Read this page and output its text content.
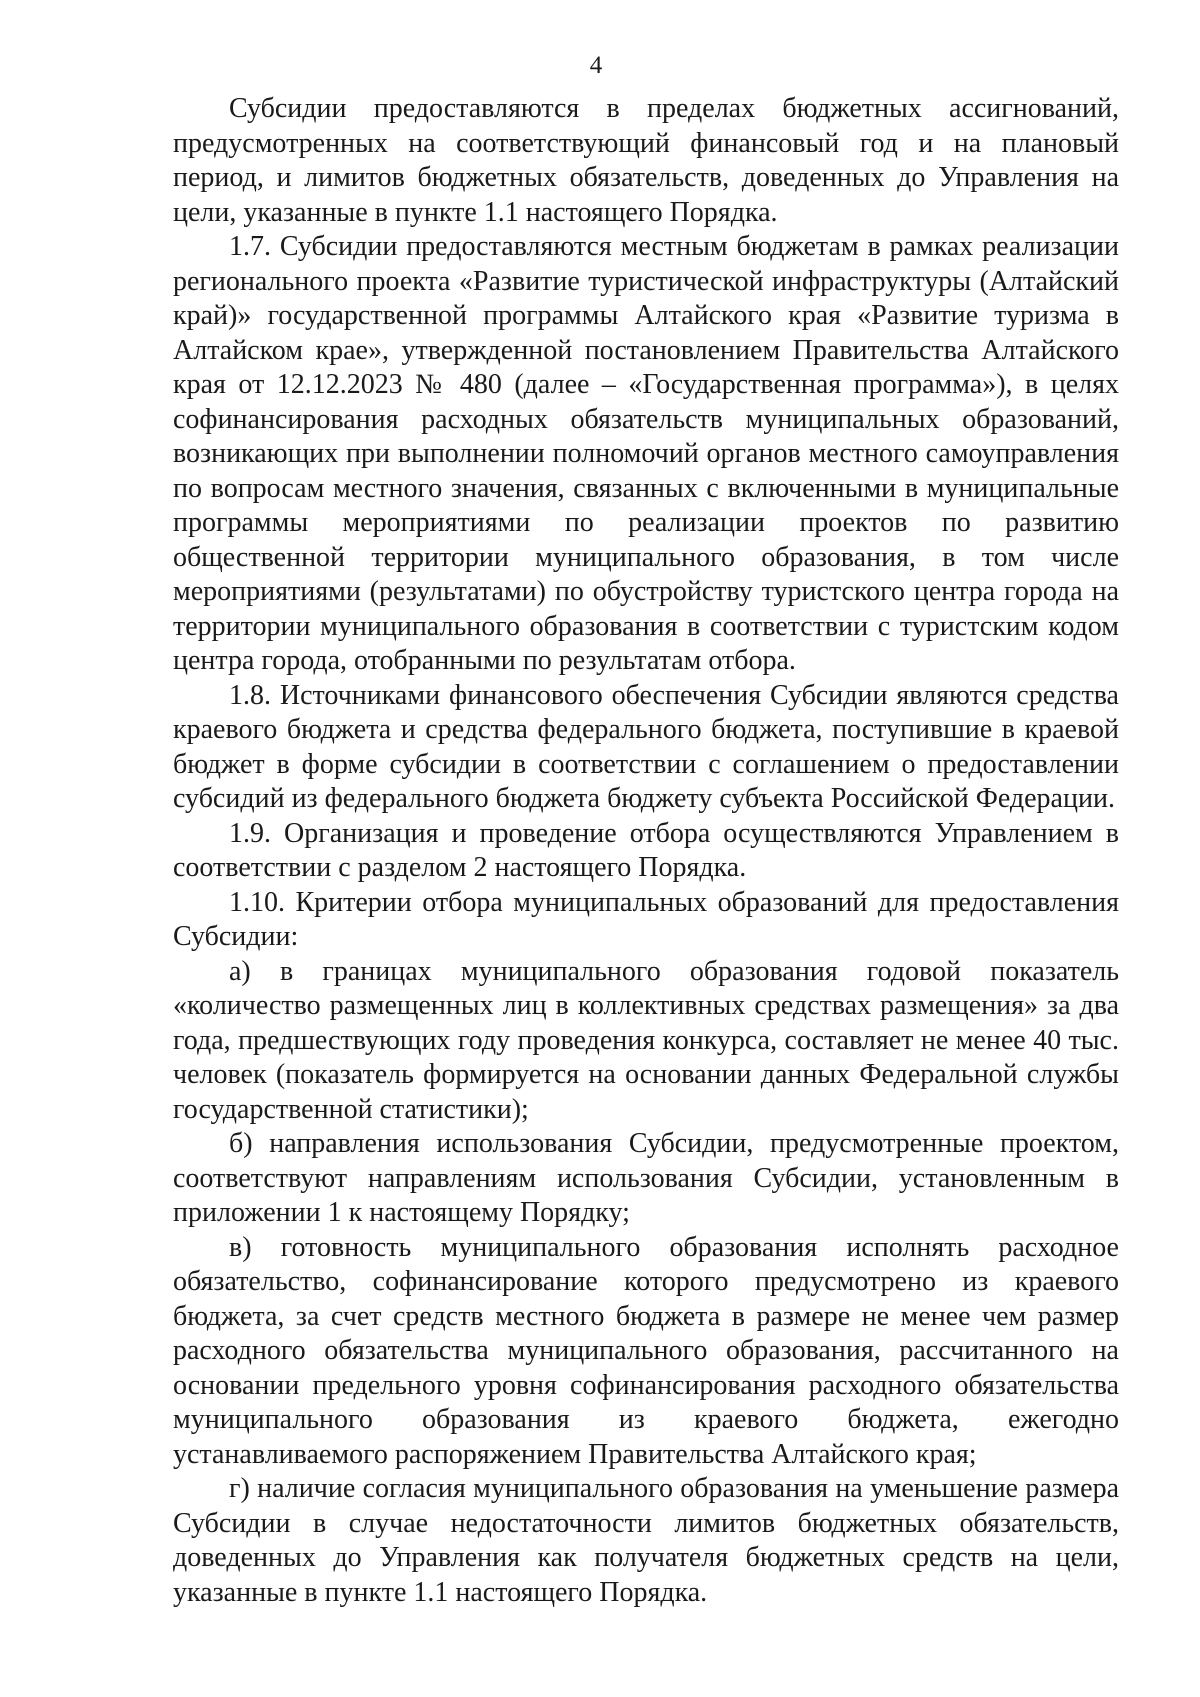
4

Субсидии предоставляются в пределах бюджетных ассигнований, предусмотренных на соответствующий финансовый год и на плановый период, и лимитов бюджетных обязательств, доведенных до Управления на цели, указанные в пункте 1.1 настоящего Порядка.

1.7. Субсидии предоставляются местным бюджетам в рамках реализации регионального проекта «Развитие туристической инфраструктуры (Алтайский край)» государственной программы Алтайского края «Развитие туризма в Алтайском крае», утвержденной постановлением Правительства Алтайского края от 12.12.2023 № 480 (далее – «Государственная программа»), в целях софинансирования расходных обязательств муниципальных образований, возникающих при выполнении полномочий органов местного самоуправления по вопросам местного значения, связанных с включенными в муниципальные программы мероприятиями по реализации проектов по развитию общественной территории муниципального образования, в том числе мероприятиями (результатами) по обустройству туристского центра города на территории муниципального образования в соответствии с туристским кодом центра города, отобранными по результатам отбора.

1.8. Источниками финансового обеспечения Субсидии являются средства краевого бюджета и средства федерального бюджета, поступившие в краевой бюджет в форме субсидии в соответствии с соглашением о предоставлении субсидий из федерального бюджета бюджету субъекта Российской Федерации.

1.9. Организация и проведение отбора осуществляются Управлением в соответствии с разделом 2 настоящего Порядка.

1.10. Критерии отбора муниципальных образований для предоставления Субсидии:

а) в границах муниципального образования годовой показатель «количество размещенных лиц в коллективных средствах размещения» за два года, предшествующих году проведения конкурса, составляет не менее 40 тыс. человек (показатель формируется на основании данных Федеральной службы государственной статистики);

б) направления использования Субсидии, предусмотренные проектом, соответствуют направлениям использования Субсидии, установленным в приложении 1 к настоящему Порядку;

в) готовность муниципального образования исполнять расходное обязательство, софинансирование которого предусмотрено из краевого бюджета, за счет средств местного бюджета в размере не менее чем размер расходного обязательства муниципального образования, рассчитанного на основании предельного уровня софинансирования расходного обязательства муниципального образования из краевого бюджета, ежегодно устанавливаемого распоряжением Правительства Алтайского края;

г) наличие согласия муниципального образования на уменьшение размера Субсидии в случае недостаточности лимитов бюджетных обязательств, доведенных до Управления как получателя бюджетных средств на цели, указанные в пункте 1.1 настоящего Порядка.
